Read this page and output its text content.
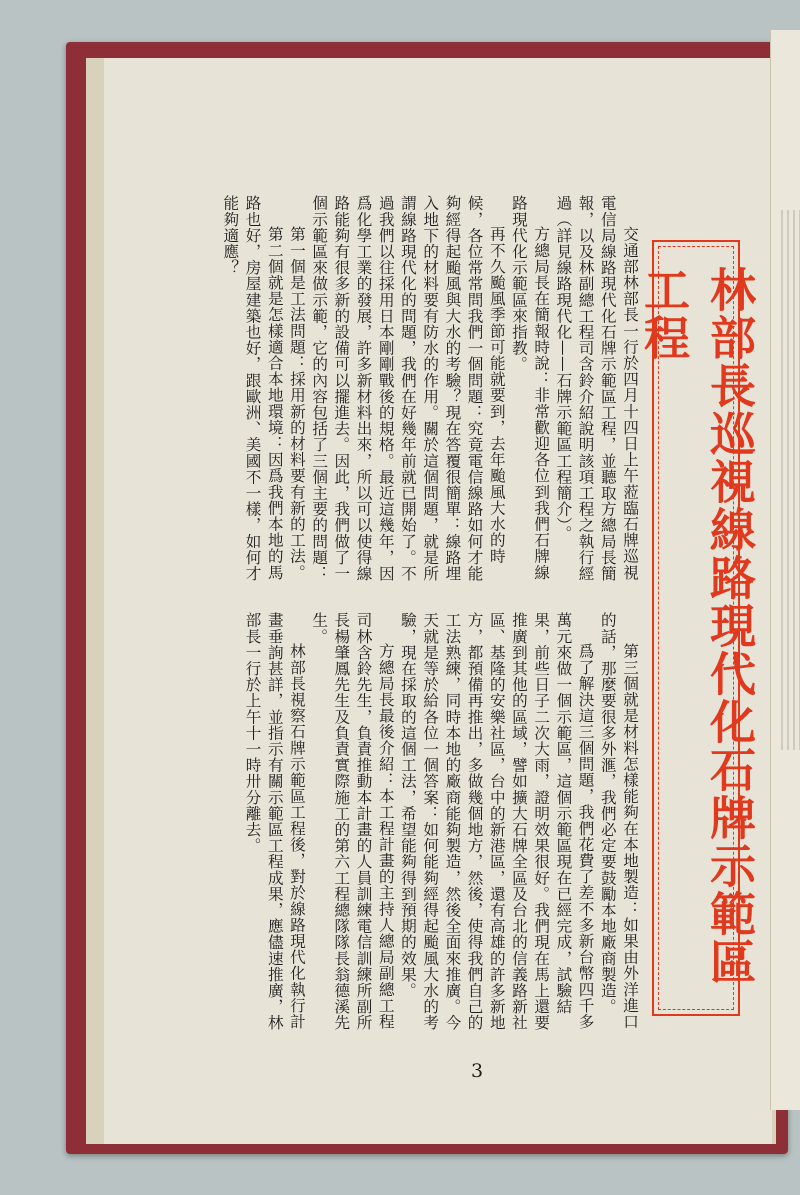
林部長巡視線路現代化石牌示範區工程

交通部林部長一行於四月十四日上午蒞臨石牌巡視電信局線路現代化石牌示範區工程，並聽取方總局長簡報，以及林副總工程司含鈴介紹說明該項工程之執行經過（詳見線路現代化——石牌示範區工程簡介）。

方總局長在簡報時說：非常歡迎各位到我們石牌線路現代化示範區來指教。

再不久颱風季節可能就要到，去年颱風大水的時候，各位常常問我們一個問題：究竟電信線路如何才能夠經得起颱風與大水的考驗？現在答覆很簡單：線路埋入地下的材料要有防水的作用。關於這個問題，就是所謂線路現代化的問題，我們在好幾年前就已開始了。不過我們以往採用日本剛剛戰後的規格。最近這幾年，因爲化學工業的發展，許多新材料出來，所以可以使得線路能夠有很多新的設備可以擺進去。因此，我們做了一個示範區來做示範，它的內容包括了三個主要的問題：

第一個是工法問題：採用新的材料要有新的工法。

第二個就是怎樣適合本地環境：因爲我們本地的馬路也好，房屋建築也好，跟歐洲、美國不一樣，如何才能夠適應？

第三個就是材料怎樣能夠在本地製造：如果由外洋進口的話，那麼要很多外滙，我們必定要鼓勵本地廠商製造。

爲了解決這三個問題，我們花費了差不多新台幣四千多萬元來做一個示範區，這個示範區現在已經完成，試驗結果，前些日子二次大雨，證明效果很好。我們現在馬上還要推廣到其他的區域，譬如擴大石牌全區及台北的信義路新社區、基隆的安樂社區，台中的新港區，還有高雄的許多新地方，都預備再推出，多做幾個地方，然後，使得我們自己的工法熟練，同時本地的廠商能夠製造，然後全面來推廣。今天就是等於給各位一個答案：如何能夠經得起颱風大水的考驗，現在採取的這個工法，希望能夠得到預期的效果。

方總局長最後介紹：本工程計畫的主持人總局副總工程司林含鈴先生，負責推動本計畫的人員訓練電信訓練所副所長楊肇鳳先生及負責實際施工的第六工程總隊隊長翁德溪先生。

林部長視察石牌示範區工程後，對於線路現代化執行計畫垂詢甚詳，並指示有關示範區工程成果，應儘速推廣，林部長一行於上午十一時卅分離去。

3
